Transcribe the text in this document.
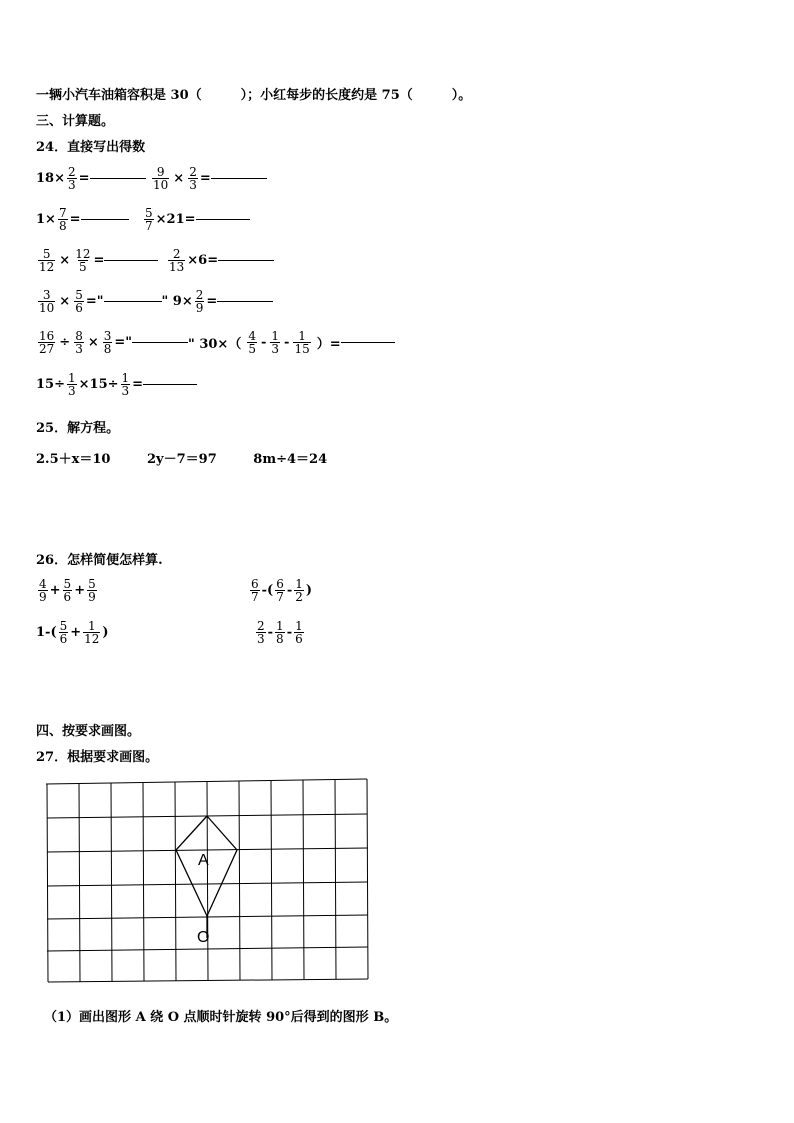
一辆小汽车油箱容积是 30（	）；小红每步的长度约是 75（	）。
三、计算题。
24．直接写出得数
$18\times \frac{2}{3}$ =	$\frac{9}{10} \times \frac{2}{3}$ =
$1\times \frac{7}{8}$ =	$\frac{5}{7} \times 21=$
$\frac{5}{12} \times \frac{12}{5}$ =	$\frac{2}{13} \times 6=$
$\frac{3}{10} \times \frac{5}{6}$ ="	" $9\times \frac{2}{9}$ =
$\frac{16}{27} \div \frac{8}{3} \times \frac{3}{8}$ ="	" $30\times( \frac{4}{5} - \frac{1}{3} - \frac{1}{15}$ ）=
$15\div \frac{1}{3} \times 15\div \frac{1}{3}$ =
25．解方程。
2.5＋x＝10	2y－7＝97	8m÷4＝24
26．怎样简便怎样算.
$\frac{4}{9} + \frac{5}{6} + \frac{5}{9}$	$\frac{6}{7}$ -( $\frac{6}{7} - \frac{1}{2}$ )
$1-( \frac{5}{6} + \frac{1}{12}$ )	$\frac{2}{3} - \frac{1}{8} - \frac{1}{6}$
四、按要求画图。
27．根据要求画图。
A
O
（1）画出图形 A 绕 O 点顺时针旋转 90°后得到的图形 B。
